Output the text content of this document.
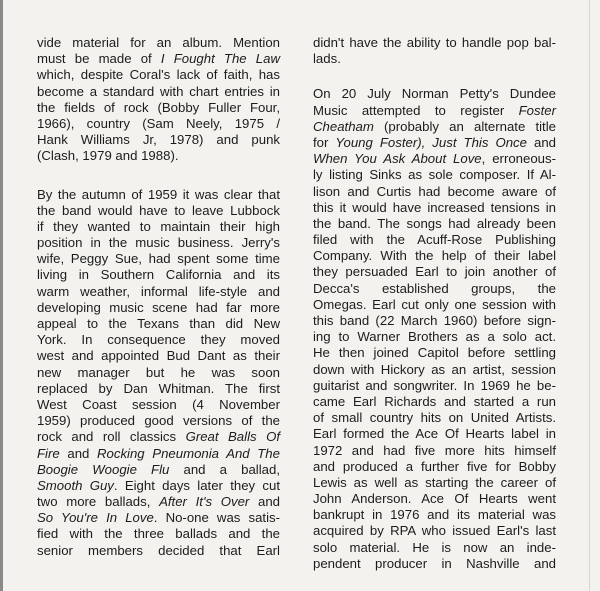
vide material for an album. Mention
must be made of I Fought The Law
which, despite Coral's lack of faith, has
become a standard with chart entries in
the fields of rock (Bobby Fuller Four,
1966), country (Sam Neely, 1975 /
Hank Williams Jr, 1978) and punk
(Clash, 1979 and 1988).
By the autumn of 1959 it was clear that
the band would have to leave Lubbock
if they wanted to maintain their high
position in the music business. Jerry's
wife, Peggy Sue, had spent some time
living in Southern California and its
warm weather, informal life-style and
developing music scene had far more
appeal to the Texans than did New
York. In consequence they moved
west and appointed Bud Dant as their
new manager but he was soon
replaced by Dan Whitman. The first
West Coast session (4 November
1959) produced good versions of the
rock and roll classics Great Balls Of
Fire and Rocking Pneumonia And The
Boogie Woogie Flu and a ballad,
Smooth Guy. Eight days later they cut
two more ballads, After It's Over and
So You're In Love. No-one was satis-
fied with the three ballads and the
senior members decided that Earl
didn't have the ability to handle pop bal-
lads.
On 20 July Norman Petty's Dundee
Music attempted to register Foster
Cheatham (probably an alternate title
for Young Foster), Just This Once and
When You Ask About Love, erroneous-
ly listing Sinks as sole composer. If Al-
lison and Curtis had become aware of
this it would have increased tensions in
the band. The songs had already been
filed with the Acuff-Rose Publishing
Company. With the help of their label
they persuaded Earl to join another of
Decca's established groups, the
Omegas. Earl cut only one session with
this band (22 March 1960) before sign-
ing to Warner Brothers as a solo act.
He then joined Capitol before settling
down with Hickory as an artist, session
guitarist and songwriter. In 1969 he be-
came Earl Richards and started a run
of small country hits on United Artists.
Earl formed the Ace Of Hearts label in
1972 and had five more hits himself
and produced a further five for Bobby
Lewis as well as starting the career of
John Anderson. Ace Of Hearts went
bankrupt in 1976 and its material was
acquired by RPA who issued Earl's last
solo material. He is now an inde-
pendent producer in Nashville and
